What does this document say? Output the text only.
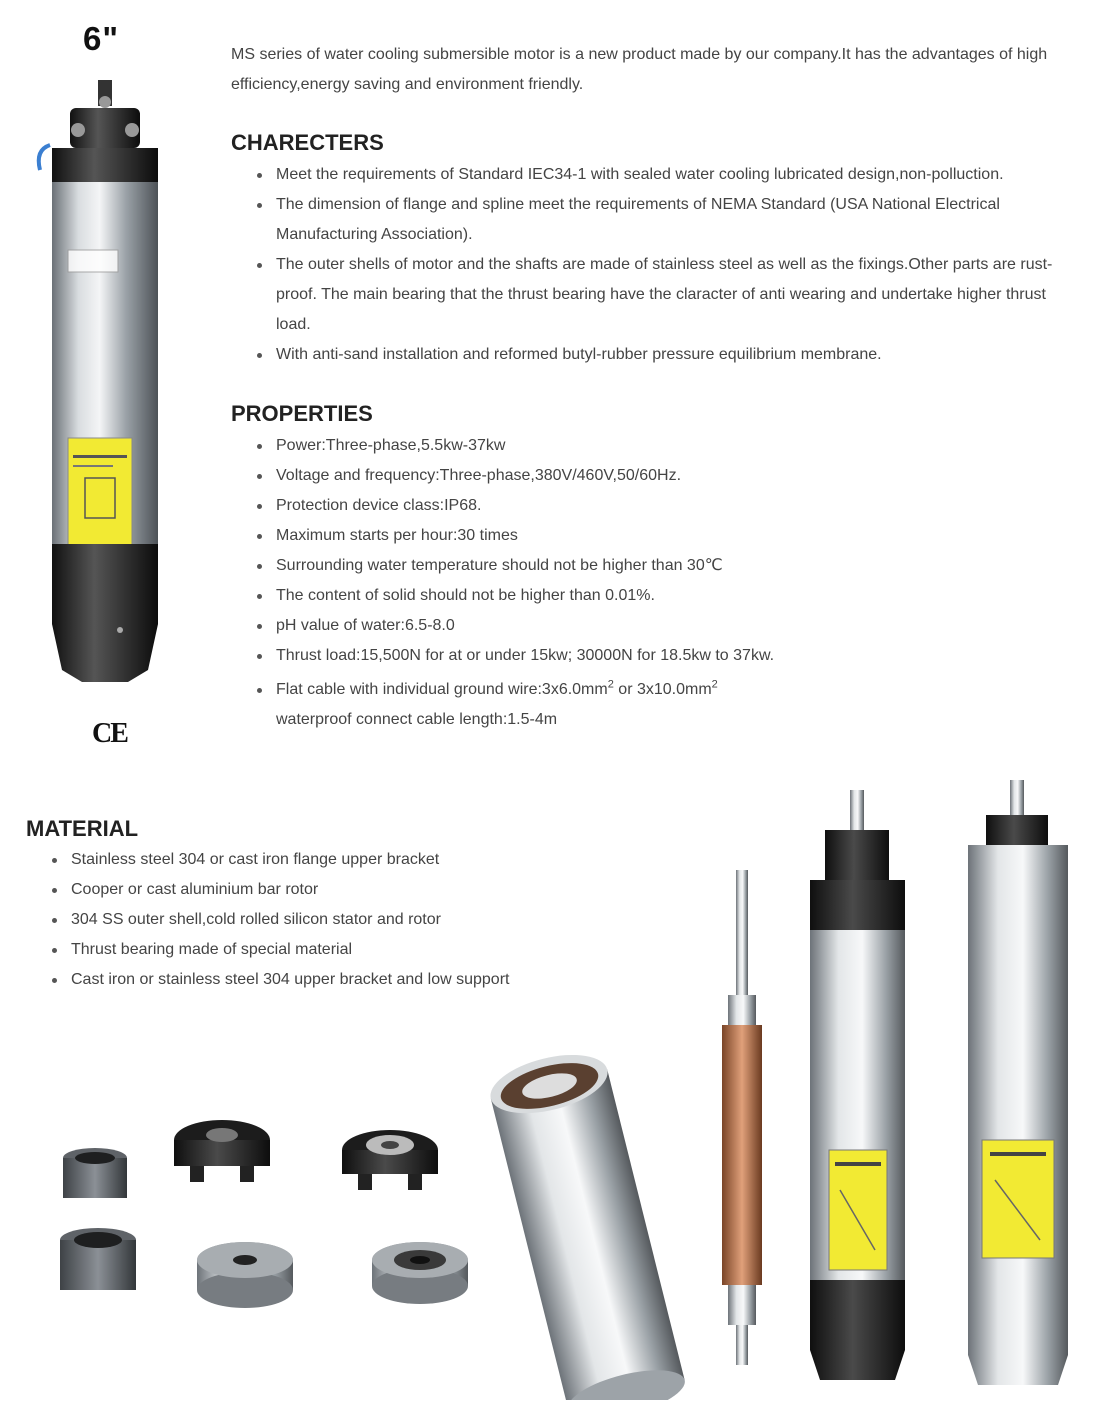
6"
CE
MS series of water cooling submersible motor is a new product made by our company.It has the advantages of high efficiency,energy saving and environment friendly.
CHARECTERS
Meet the requirements of Standard IEC34-1 with sealed water cooling lubricated design,non-polluction.
The dimension of flange and spline meet the requirements of NEMA Standard (USA National Electrical Manufacturing Association).
The outer shells of motor and the shafts are made of stainless steel as well as the fixings.Other parts are rust-proof. The main bearing that the thrust bearing have the claracter of anti wearing and undertake higher thrust load.
With anti-sand installation and reformed butyl-rubber pressure equilibrium membrane.
PROPERTIES
Power:Three-phase,5.5kw-37kw
Voltage and frequency:Three-phase,380V/460V,50/60Hz.
Protection device class:IP68.
Maximum starts per hour:30 times
Surrounding water temperature should not be higher than 30℃
The content of solid should not be higher than 0.01%.
pH value of water:6.5-8.0
Thrust load:15,500N for at or under 15kw; 30000N for 18.5kw to 37kw.
Flat cable with individual ground $wire:3x6.0mm^2$ or $3x10.0mm^2$
waterproof connect cable length:1.5-4m
MATERIAL
Stainless steel 304 or cast iron flange upper bracket
Cooper or cast aluminium bar rotor
304 SS outer shell,cold rolled silicon stator and rotor
Thrust bearing made of special material
Cast iron or stainless steel 304 upper bracket and low support
